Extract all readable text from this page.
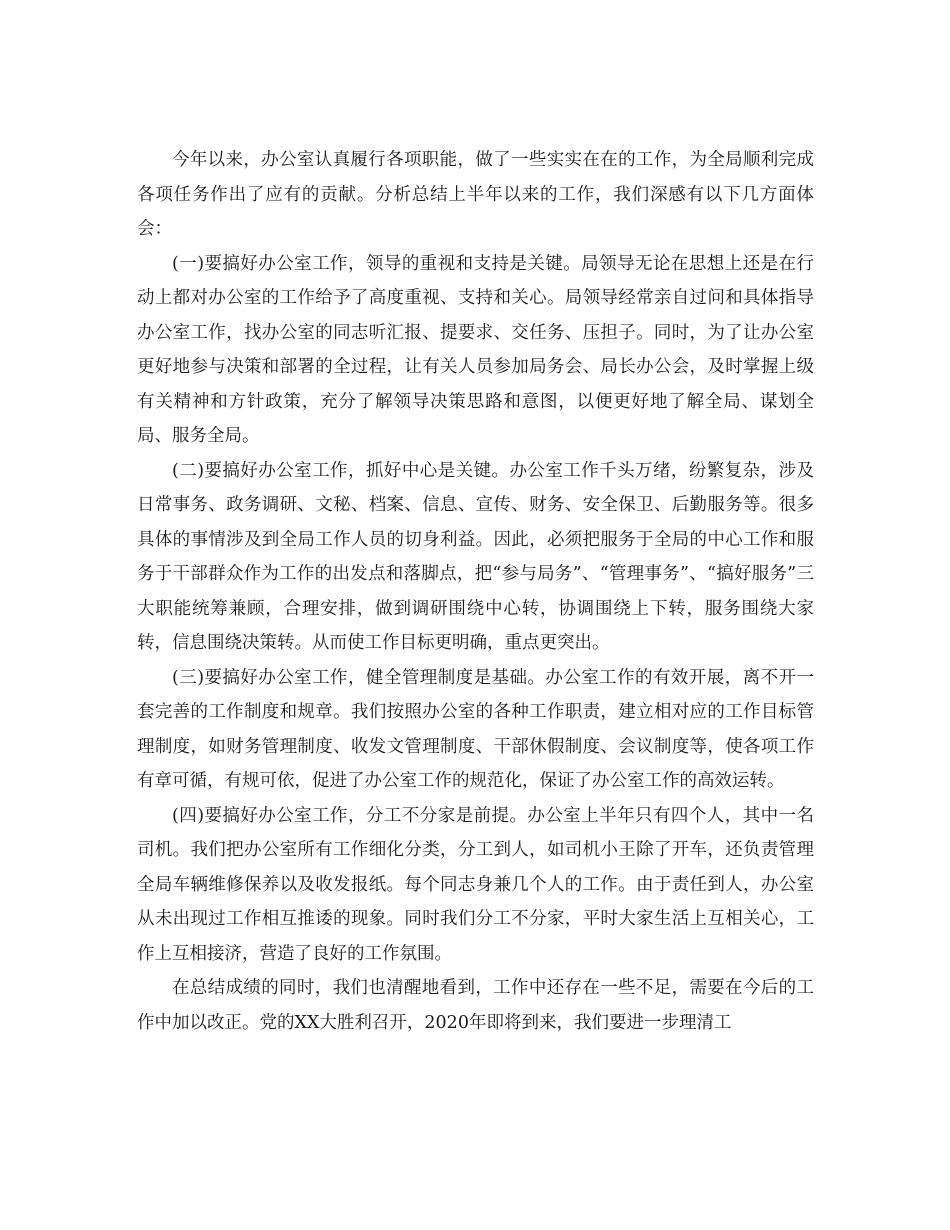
今年以来，办公室认真履行各项职能，做了一些实实在在的工作，为全局顺利完成各项任务作出了应有的贡献。分析总结上半年以来的工作，我们深感有以下几方面体会：

(一)要搞好办公室工作，领导的重视和支持是关键。局领导无论在思想上还是在行动上都对办公室的工作给予了高度重视、支持和关心。局领导经常亲自过问和具体指导办公室工作，找办公室的同志听汇报、提要求、交任务、压担子。同时，为了让办公室更好地参与决策和部署的全过程，让有关人员参加局务会、局长办公会，及时掌握上级有关精神和方针政策，充分了解领导决策思路和意图，以便更好地了解全局、谋划全局、服务全局。

(二)要搞好办公室工作，抓好中心是关键。办公室工作千头万绪，纷繁复杂，涉及日常事务、政务调研、文秘、档案、信息、宣传、财务、安全保卫、后勤服务等。很多具体的事情涉及到全局工作人员的切身利益。因此，必须把服务于全局的中心工作和服务于干部群众作为工作的出发点和落脚点，把“参与局务”、“管理事务”、“搞好服务”三大职能统筹兼顾，合理安排，做到调研围绕中心转，协调围绕上下转，服务围绕大家转，信息围绕决策转。从而使工作目标更明确，重点更突出。

(三)要搞好办公室工作，健全管理制度是基础。办公室工作的有效开展，离不开一套完善的工作制度和规章。我们按照办公室的各种工作职责，建立相对应的工作目标管理制度，如财务管理制度、收发文管理制度、干部休假制度、会议制度等，使各项工作有章可循，有规可依，促进了办公室工作的规范化，保证了办公室工作的高效运转。

(四)要搞好办公室工作，分工不分家是前提。办公室上半年只有四个人，其中一名司机。我们把办公室所有工作细化分类，分工到人，如司机小王除了开车，还负责管理全局车辆维修保养以及收发报纸。每个同志身兼几个人的工作。由于责任到人，办公室从未出现过工作相互推诿的现象。同时我们分工不分家，平时大家生活上互相关心，工作上互相接济，营造了良好的工作氛围。

在总结成绩的同时，我们也清醒地看到，工作中还存在一些不足，需要在今后的工作中加以改正。党的XX大胜利召开，2020年即将到来，我们要进一步理清工
